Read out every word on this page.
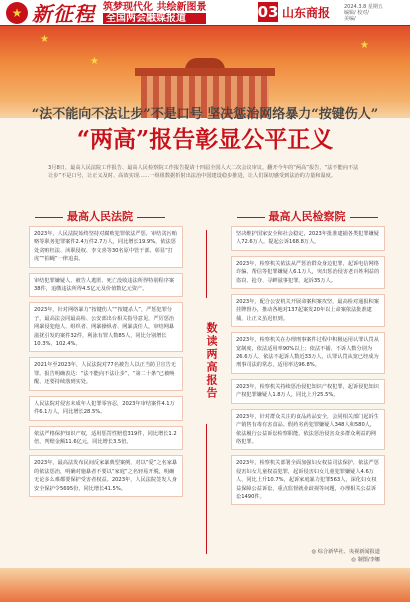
★ 新征程 筑梦现代化 共绘新图景
全国两会融媒报道	03 山东商报	2024.3.8 星期五
编辑/ 校对/
美编/
★
★
★
“法不能向不法让步”不是口号 坚决惩治网络暴力“按键伤人”
“两高”报告彰显公平正义
3月8日，最高人民法院工作报告、最高人民检察院工作报告提请十四届全国人大二次会议审议。翻开今年的“两高”报告，“法不能向不法让步”不是口号，让正义及时、高效实现……一组组数据折射出法治中国建设稳步推进，让人们深切感受到法治的力量和温度。
最高人民法院	最高人民检察院
2023年，人民法院始终坚持对腐败犯罪依法严惩，审结贪污贿赂等职务犯罪案件2.4万件2.7万人，同比增长19.9%，依法惩处贪赃枉法、渎职侵权、李文喜等30名原中管干部，彰显“打虎”“拍蝇”一律追责。
审结犯罪嫌疑人、被告人逃匿、死亡没收违法所得特别程序案38件，追缴违法所得4.5亿元及价值数亿元资产。
2023年，针对网络暴力“按键伤人”“按键杀人”，严惩犯罪分子，最高法会同最高检、公安部出台相关指导意见，严厉惩治网暴侵犯他人、组织者、网暴操纵者、网暴责任人，审结网暴滋扰引发的案件32件，利泳有罪人数85人，同比分别增长10.3%、102.4%。
2021年至2023年，人民法院对77名被告人以正当防卫宣告无罪。报告明确表达：“法不能向不法让步”，“第二十条”已被唤醒，还要持续落到实处。
人民法院对侵害未成年人犯罪零容忍，2023年审结案件4.1万件6.1万人，同比增长28.5%。
依法严格保护知识产权，适用惩罚性赔偿319件，同比增长1.2倍，判赔金额11.6亿元，同比增长3.5倍。
2023年，最高法发布民间反家暴典型案例，对以“爱”之名家暴的依法惩治，明确对施暴者不要以“家庭”之名轻易开脱，明确无论多么难都要保护受害者权益。2023年，人民法院签发人身安全保护令5695份，同比增长41.5%。
数读两高报告
坚决维护国家安全和社会稳定，2023年批准逮捕各类犯罪嫌疑人72.6万人，提起公诉168.8万人。
2023年，检察机关依法从严惩治群众身边犯罪，起诉电信网络诈骗、帮信等犯罪嫌疑人6.1万人，突出惩治侵害老百姓利益的盗窃、抢夺、寻衅滋事犯罪，起诉35万人。
2023年，配合公安机关开展命案积案攻坚，最高检对通报积案挂牌督办，推动各地对137起案发20年以上命案依法批准逮捕，让正义虽迟但到。
2023年，检察机关在办理刑事案件过程中积极运用认罪认罚从宽制度，依法适用率90%以上；依法不捕、不诉人数分别为26.6万人、依法不起诉人数近33万人，认罪认罚从宽已经成为刑事司法的常态，适用率达96.8%。
2023年，检察机关持续惩治侵犯知识产权犯罪，起诉侵犯知识产权犯罪嫌疑人1.8万人，同比上升25.5%。
2023年，针对群众关注的食品药品安全，会同相关部门起诉生产销售有毒有害食品、假药劣药犯罪嫌疑人348人和580人，依法履行公益诉讼检察职能，依法惩治侵害众多群众利益的网络犯罪。
2023年，检察机关部署全面加强妇女权益司法保护，依法严惩侵害妇女儿童权益犯罪，起诉侵害妇女儿童犯罪嫌疑人4.6万人，同比上升10.7%，起诉家庭暴力犯罪563人，深化妇女权益保障公益诉讼，重点监督就业歧视等问题，办理相关公益诉讼1490件。
◎ 综合新华社、央视新闻报道
◎ 制图/李娜
